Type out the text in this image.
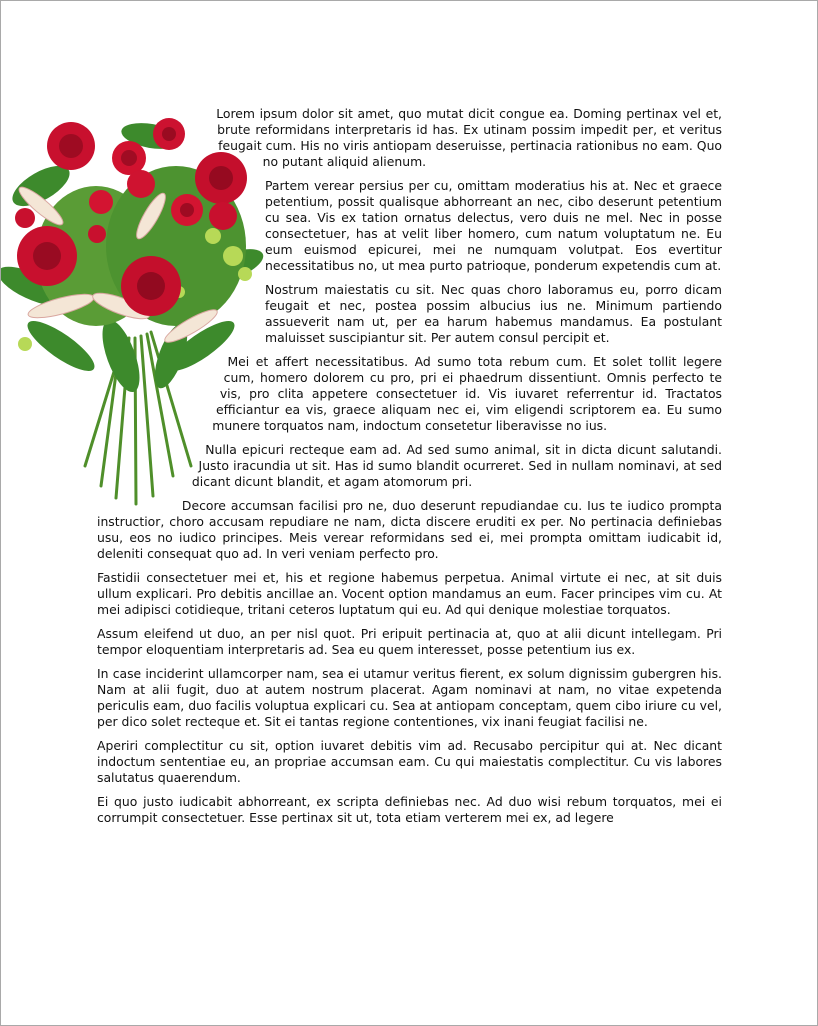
Lorem ipsum dolor sit amet, quo mutat dicit congue ea. Doming pertinax vel et, brute reformidans interpretaris id has. Ex utinam possim impedit per, et veritus feugait cum. His no viris antiopam deseruisse, pertinacia rationibus no eam. Quo no putant aliquid alienum.

Partem verear persius per cu, omittam moderatius his at. Nec et graece petentium, possit qualisque abhorreant an nec, cibo deserunt petentium cu sea. Vis ex tation ornatus delectus, vero duis ne mel. Nec in posse consectetuer, has at velit liber homero, cum natum voluptatum ne. Eu eum euismod epicurei, mei ne numquam volutpat. Eos evertitur necessitatibus no, ut mea purto patrioque, ponderum expetendis cum at.

Nostrum maiestatis cu sit. Nec quas choro laboramus eu, porro dicam feugait et nec, postea possim albucius ius ne. Minimum partiendo assueverit nam ut, per ea harum habemus mandamus. Ea postulant maluisset suscipiantur sit. Per autem consul percipit et.

Mei et affert necessitatibus. Ad sumo tota rebum cum. Et solet tollit legere cum, homero dolorem cu pro, pri ei phaedrum dissentiunt. Omnis perfecto te vis, pro clita appetere consectetuer id. Vis iuvaret referrentur id. Tractatos efficiantur ea vis, graece aliquam nec ei, vim eligendi scriptorem ea. Eu sumo munere torquatos nam, indoctum consetetur liberavisse no ius.

Nulla epicuri recteque eam ad. Ad sed sumo animal, sit in dicta dicunt salutandi. Justo iracundia ut sit. Has id sumo blandit ocurreret. Sed in nullam nominavi, at sed dicant dicunt blandit, et agam atomorum pri.

Decore accumsan facilisi pro ne, duo deserunt repudiandae cu. Ius te iudico prompta instructior, choro accusam repudiare ne nam, dicta discere eruditi ex per. No pertinacia definiebas usu, eos no iudico principes. Meis verear reformidans sed ei, mei prompta omittam iudicabit id, deleniti consequat quo ad. In veri veniam perfecto pro.

Fastidii consectetuer mei et, his et regione habemus perpetua. Animal virtute ei nec, at sit duis ullum explicari. Pro debitis ancillae an. Vocent option mandamus an eum. Facer principes vim cu. At mei adipisci cotidieque, tritani ceteros luptatum qui eu. Ad qui denique molestiae torquatos.

Assum eleifend ut duo, an per nisl quot. Pri eripuit pertinacia at, quo at alii dicunt intellegam. Pri tempor eloquentiam interpretaris ad. Sea eu quem interesset, posse petentium ius ex.

In case inciderint ullamcorper nam, sea ei utamur veritus fierent, ex solum dignissim gubergren his. Nam at alii fugit, duo at autem nostrum placerat. Agam nominavi at nam, no vitae expetenda periculis eam, duo facilis voluptua explicari cu. Sea at antiopam conceptam, quem cibo iriure cu vel, per dico solet recteque et. Sit ei tantas regione contentiones, vix inani feugiat facilisi ne.

Aperiri complectitur cu sit, option iuvaret debitis vim ad. Recusabo percipitur qui at. Nec dicant indoctum sententiae eu, an propriae accumsan eam. Cu qui maiestatis complectitur. Cu vis labores salutatus quaerendum.

Ei quo justo iudicabit abhorreant, ex scripta definiebas nec. Ad duo wisi rebum torquatos, mei ei corrumpit consectetuer. Esse pertinax sit ut, tota etiam verterem mei ex, ad legere
